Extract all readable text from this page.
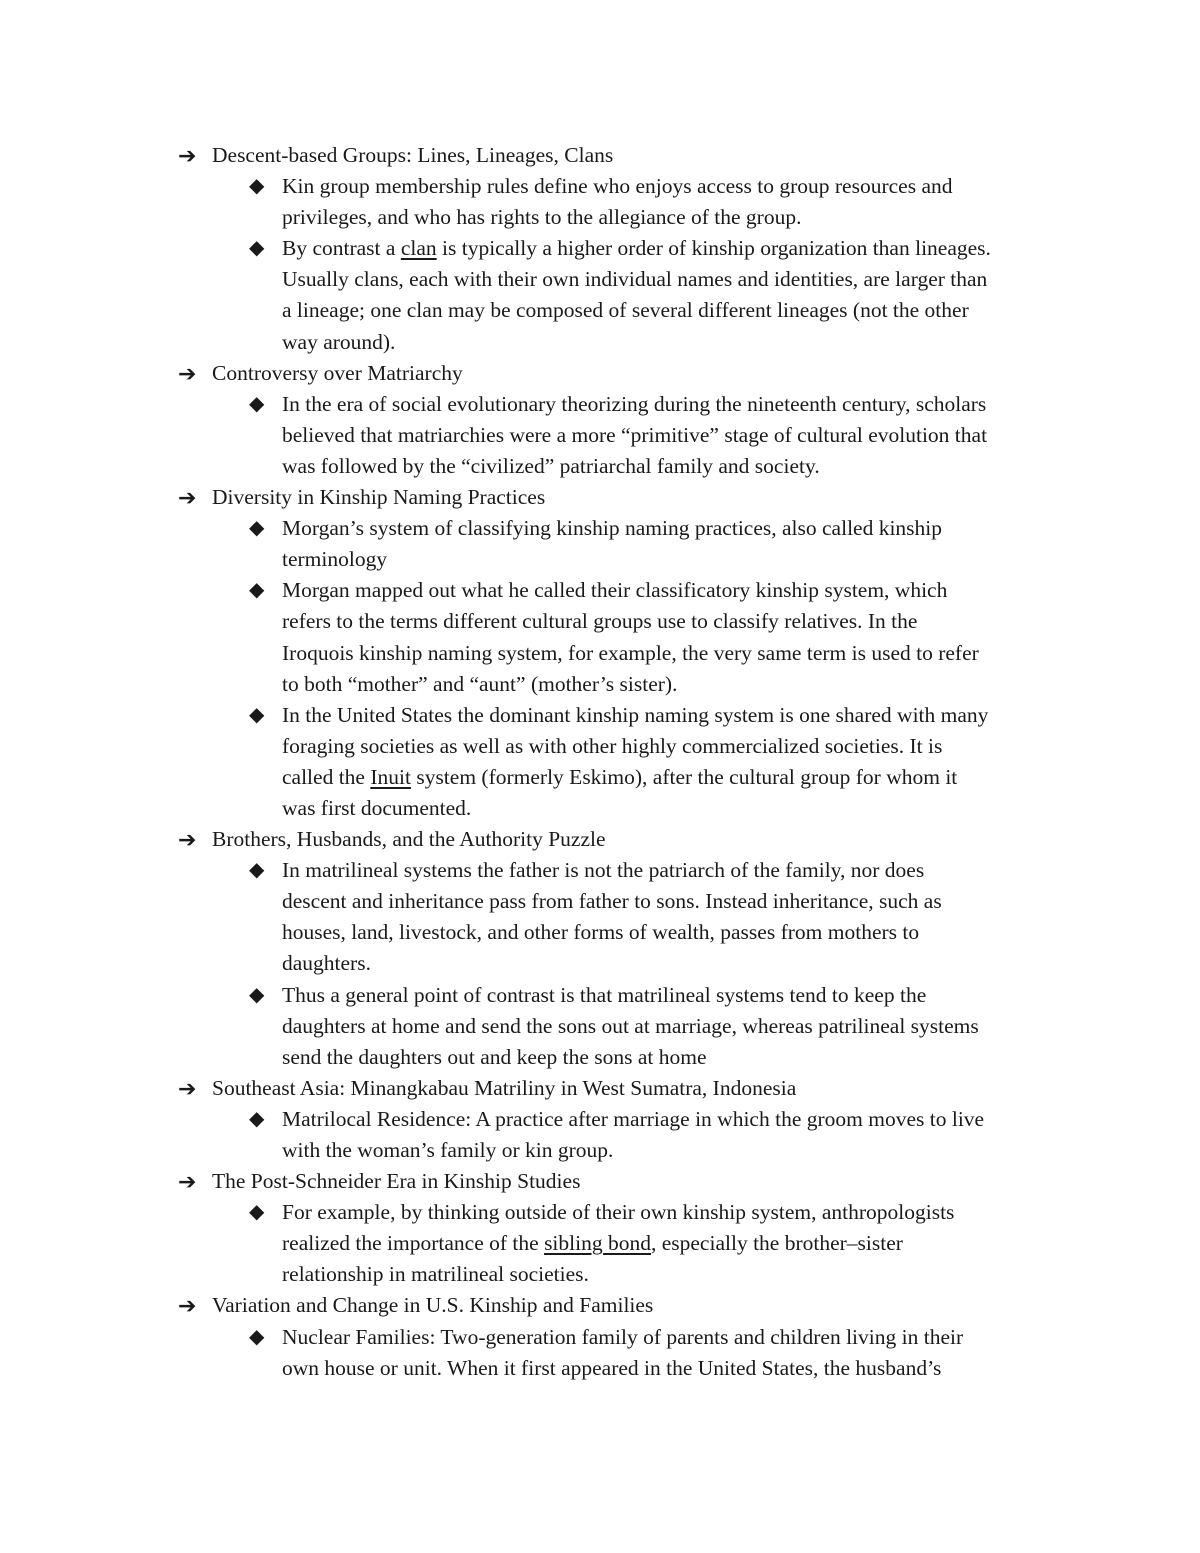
➔ Descent-based Groups: Lines, Lineages, Clans
◆ Kin group membership rules define who enjoys access to group resources and
privileges, and who has rights to the allegiance of the group.
◆ By contrast a clan is typically a higher order of kinship organization than lineages.
Usually clans, each with their own individual names and identities, are larger than
a lineage; one clan may be composed of several different lineages (not the other
way around).
➔ Controversy over Matriarchy
◆ In the era of social evolutionary theorizing during the nineteenth century, scholars
believed that matriarchies were a more “primitive” stage of cultural evolution that
was followed by the “civilized” patriarchal family and society.
➔ Diversity in Kinship Naming Practices
◆ Morgan’s system of classifying kinship naming practices, also called kinship
terminology
◆ Morgan mapped out what he called their classificatory kinship system, which
refers to the terms different cultural groups use to classify relatives. In the
Iroquois kinship naming system, for example, the very same term is used to refer
to both “mother” and “aunt” (mother’s sister).
◆ In the United States the dominant kinship naming system is one shared with many
foraging societies as well as with other highly commercialized societies. It is
called the Inuit system (formerly Eskimo), after the cultural group for whom it
was first documented.
➔ Brothers, Husbands, and the Authority Puzzle
◆ In matrilineal systems the father is not the patriarch of the family, nor does
descent and inheritance pass from father to sons. Instead inheritance, such as
houses, land, livestock, and other forms of wealth, passes from mothers to
daughters.
◆ Thus a general point of contrast is that matrilineal systems tend to keep the
daughters at home and send the sons out at marriage, whereas patrilineal systems
send the daughters out and keep the sons at home
➔ Southeast Asia: Minangkabau Matriliny in West Sumatra, Indonesia
◆ Matrilocal Residence: A practice after marriage in which the groom moves to live
with the woman’s family or kin group.
➔ The Post-Schneider Era in Kinship Studies
◆ For example, by thinking outside of their own kinship system, anthropologists
realized the importance of the sibling bond, especially the brother–sister
relationship in matrilineal societies.
➔ Variation and Change in U.S. Kinship and Families
◆ Nuclear Families: Two-generation family of parents and children living in their
own house or unit. When it first appeared in the United States, the husband’s
